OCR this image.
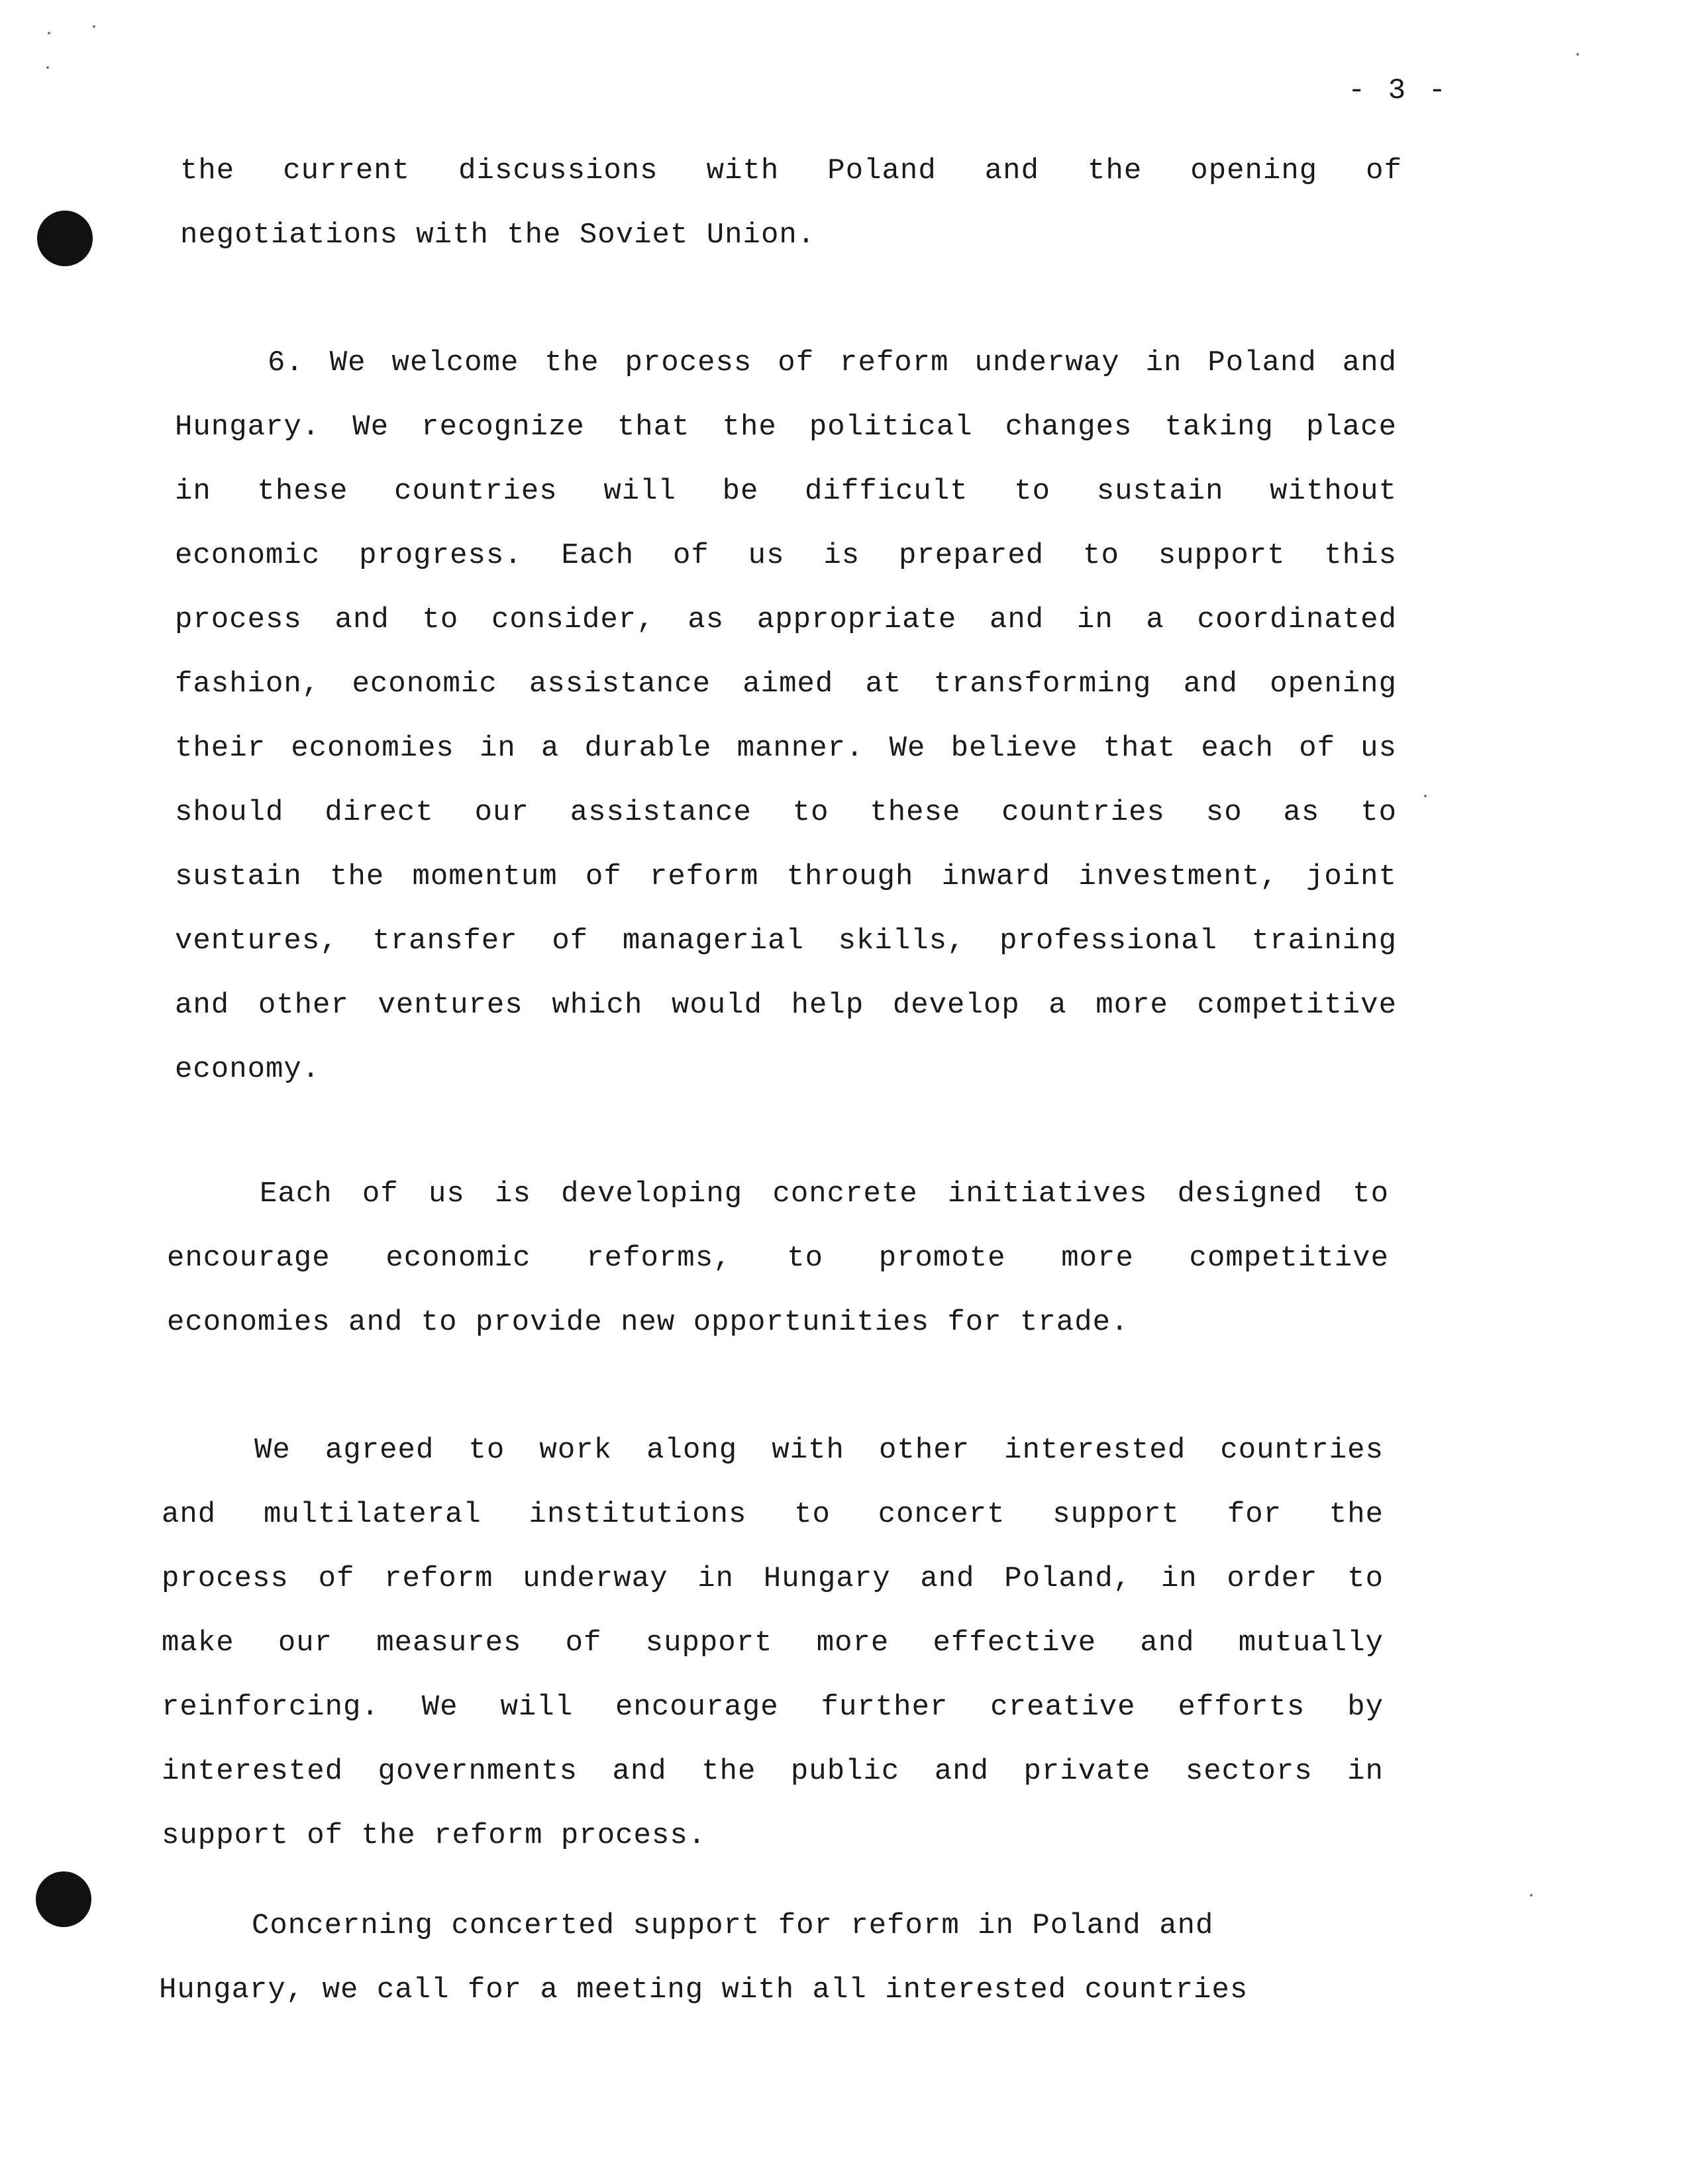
- 3 -
the current discussions with Poland and the opening of
negotiations with the Soviet Union.
6. We welcome the process of reform underway in Poland and
Hungary. We recognize that the political changes taking place
in these countries will be difficult to sustain without
economic progress. Each of us is prepared to support this
process and to consider, as appropriate and in a coordinated
fashion, economic assistance aimed at transforming and opening
their economies in a durable manner. We believe that each of us
should direct our assistance to these countries so as to
sustain the momentum of reform through inward investment, joint
ventures, transfer of managerial skills, professional training
and other ventures which would help develop a more competitive
economy.
Each of us is developing concrete initiatives designed to
encourage economic reforms, to promote more competitive
economies and to provide new opportunities for trade.
We agreed to work along with other interested countries
and multilateral institutions to concert support for the
process of reform underway in Hungary and Poland, in order to
make our measures of support more effective and mutually
reinforcing. We will encourage further creative efforts by
interested governments and the public and private sectors in
support of the reform process.
Concerning concerted support for reform in Poland and
Hungary, we call for a meeting with all interested countries
